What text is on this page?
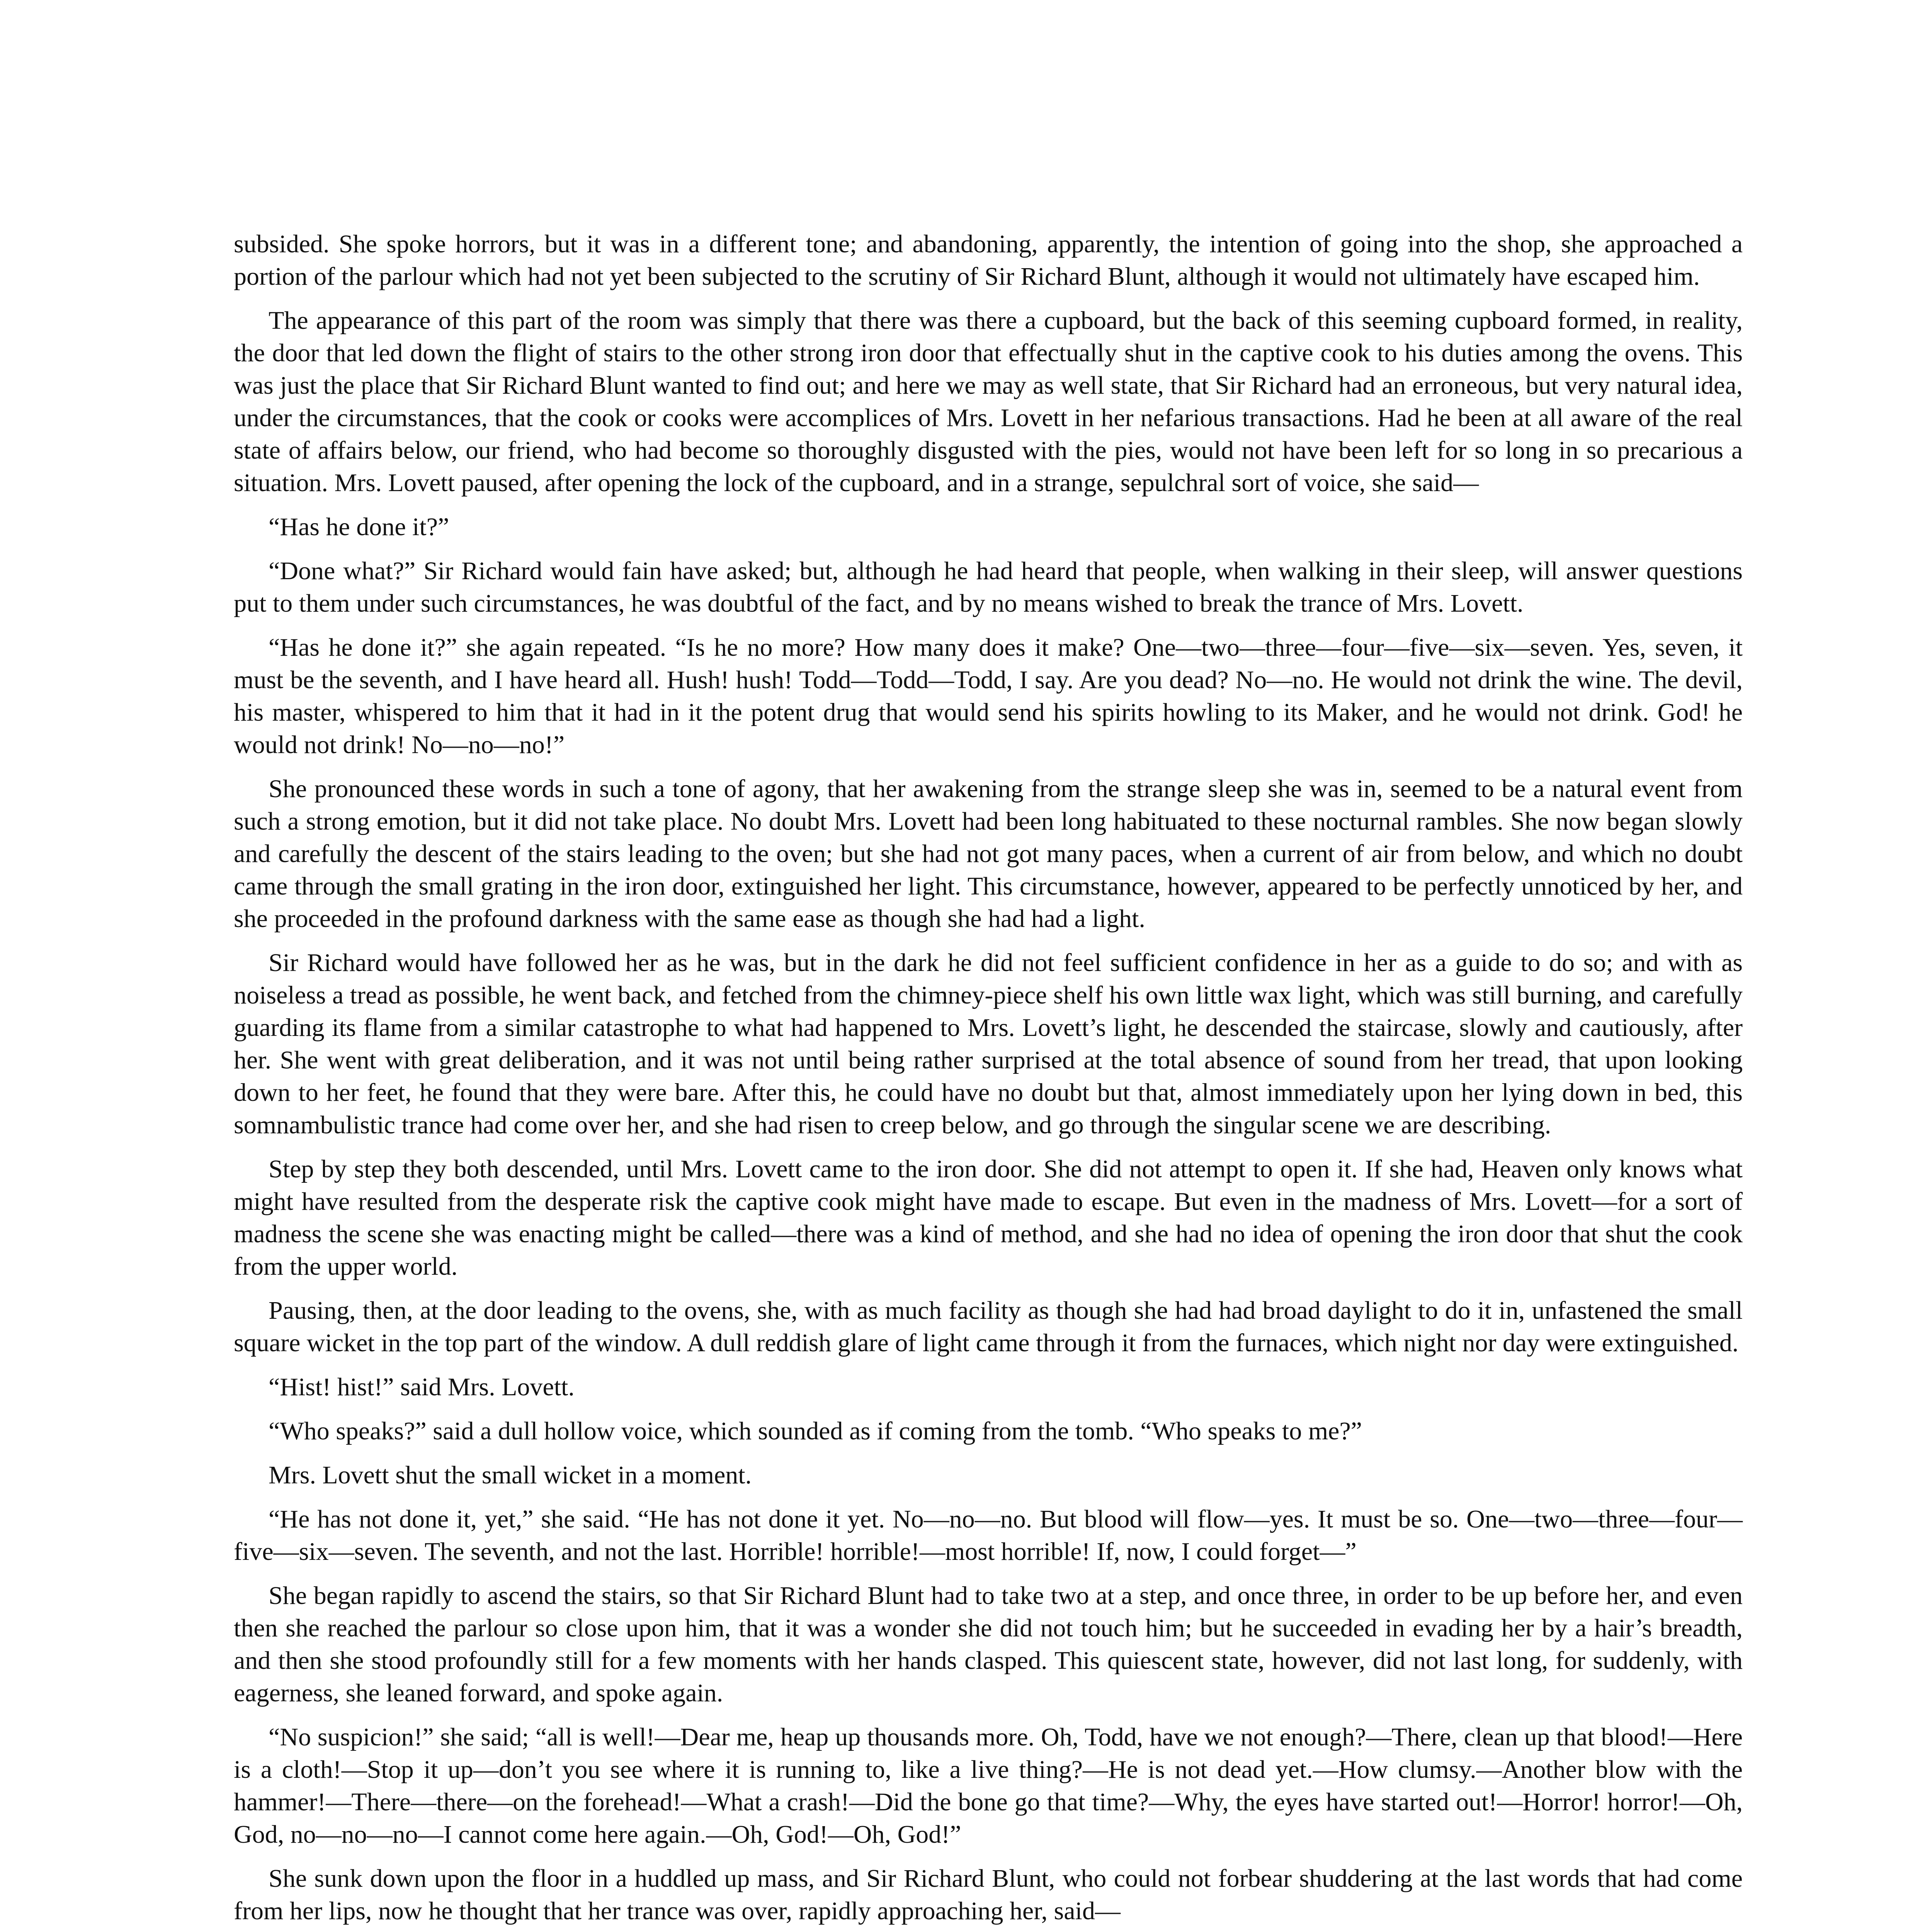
subsided. She spoke horrors, but it was in a different tone; and abandoning, apparently, the intention of going into the shop, she approached a portion of the parlour which had not yet been subjected to the scrutiny of Sir Richard Blunt, although it would not ultimately have escaped him.

The appearance of this part of the room was simply that there was there a cupboard, but the back of this seeming cupboard formed, in reality, the door that led down the flight of stairs to the other strong iron door that effectually shut in the captive cook to his duties among the ovens. This was just the place that Sir Richard Blunt wanted to find out; and here we may as well state, that Sir Richard had an erroneous, but very natural idea, under the circumstances, that the cook or cooks were accomplices of Mrs. Lovett in her nefarious transactions. Had he been at all aware of the real state of affairs below, our friend, who had become so thoroughly disgusted with the pies, would not have been left for so long in so precarious a situation. Mrs. Lovett paused, after opening the lock of the cupboard, and in a strange, sepulchral sort of voice, she said—

“Has he done it?”

“Done what?” Sir Richard would fain have asked; but, although he had heard that people, when walking in their sleep, will answer questions put to them under such circumstances, he was doubtful of the fact, and by no means wished to break the trance of Mrs. Lovett.

“Has he done it?” she again repeated. “Is he no more? How many does it make? One—two—three—four—five—six—seven. Yes, seven, it must be the seventh, and I have heard all. Hush! hush! Todd—Todd—Todd, I say. Are you dead? No—no. He would not drink the wine. The devil, his master, whispered to him that it had in it the potent drug that would send his spirits howling to its Maker, and he would not drink. God! he would not drink! No—no—no!”

She pronounced these words in such a tone of agony, that her awakening from the strange sleep she was in, seemed to be a natural event from such a strong emotion, but it did not take place. No doubt Mrs. Lovett had been long habituated to these nocturnal rambles. She now began slowly and carefully the descent of the stairs leading to the oven; but she had not got many paces, when a current of air from below, and which no doubt came through the small grating in the iron door, extinguished her light. This circumstance, however, appeared to be perfectly unnoticed by her, and she proceeded in the profound darkness with the same ease as though she had had a light.

Sir Richard would have followed her as he was, but in the dark he did not feel sufficient confidence in her as a guide to do so; and with as noiseless a tread as possible, he went back, and fetched from the chimney-piece shelf his own little wax light, which was still burning, and carefully guarding its flame from a similar catastrophe to what had happened to Mrs. Lovett’s light, he descended the staircase, slowly and cautiously, after her. She went with great deliberation, and it was not until being rather surprised at the total absence of sound from her tread, that upon looking down to her feet, he found that they were bare. After this, he could have no doubt but that, almost immediately upon her lying down in bed, this somnambulistic trance had come over her, and she had risen to creep below, and go through the singular scene we are describing.

Step by step they both descended, until Mrs. Lovett came to the iron door. She did not attempt to open it. If she had, Heaven only knows what might have resulted from the desperate risk the captive cook might have made to escape. But even in the madness of Mrs. Lovett—for a sort of madness the scene she was enacting might be called—there was a kind of method, and she had no idea of opening the iron door that shut the cook from the upper world.

Pausing, then, at the door leading to the ovens, she, with as much facility as though she had had broad daylight to do it in, unfastened the small square wicket in the top part of the window. A dull reddish glare of light came through it from the furnaces, which night nor day were extinguished.

“Hist! hist!” said Mrs. Lovett.

“Who speaks?” said a dull hollow voice, which sounded as if coming from the tomb. “Who speaks to me?”

Mrs. Lovett shut the small wicket in a moment.

“He has not done it, yet,” she said. “He has not done it yet. No—no—no. But blood will flow—yes. It must be so. One—two—three—four—five—six—seven. The seventh, and not the last. Horrible! horrible!—most horrible! If, now, I could forget—”

She began rapidly to ascend the stairs, so that Sir Richard Blunt had to take two at a step, and once three, in order to be up before her, and even then she reached the parlour so close upon him, that it was a wonder she did not touch him; but he succeeded in evading her by a hair’s breadth, and then she stood profoundly still for a few moments with her hands clasped. This quiescent state, however, did not last long, for suddenly, with eagerness, she leaned forward, and spoke again.

“No suspicion!” she said; “all is well!—Dear me, heap up thousands more. Oh, Todd, have we not enough?—There, clean up that blood!—Here is a cloth!—Stop it up—don’t you see where it is running to, like a live thing?—He is not dead yet.—How clumsy.—Another blow with the hammer!—There—there—on the forehead!—What a crash!—Did the bone go that time?—Why, the eyes have started out!—Horror! horror!—Oh, God, no—no—no—I cannot come here again.—Oh, God!—Oh, God!”

She sunk down upon the floor in a huddled up mass, and Sir Richard Blunt, who could not forbear shuddering at the last words that had come from her lips, now he thought that her trance was over, rapidly approaching her, said—
